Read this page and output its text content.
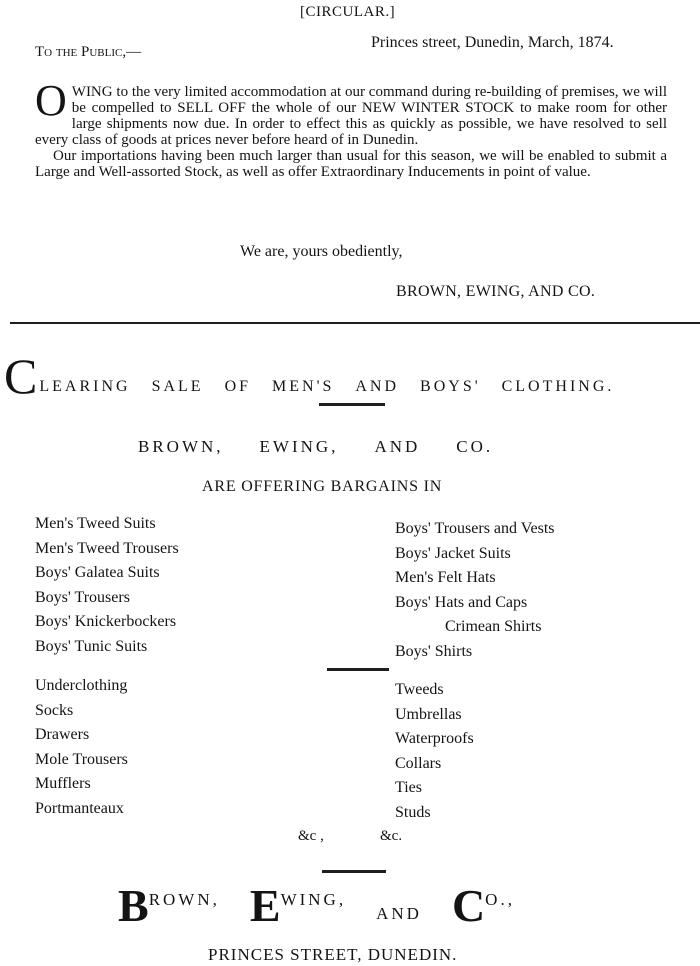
[CIRCULAR.]
Princes street, Dunedin, March, 1874.
To the Public,—

OWING to the very limited accommodation at our command during re-building of premises, we will be compelled to SELL OFF the whole of our NEW WINTER STOCK to make room for other large shipments now due. In order to effect this as quickly as possible, we have resolved to sell every class of goods at prices never before heard of in Dunedin.

Our importations having been much larger than usual for this season, we will be enabled to submit a Large and Well-assorted Stock, as well as offer Extraordinary Inducements in point of value.

We are, yours obediently,
BROWN, EWING, AND CO.
C LEARING SALE OF MEN'S AND BOYS' CLOTHING.
BROWN, EWING, AND CO.
ARE OFFERING BARGAINS IN
Men's Tweed Suits
Men's Tweed Trousers
Boys' Galatea Suits
Boys' Trousers
Boys' Knickerbockers
Boys' Tunic Suits
Boys' Trousers and Vests
Boys' Jacket Suits
Men's Felt Hats
Boys' Hats and Caps
Crimean Shirts
Boys' Shirts
Underclothing
Socks
Drawers
Mole Trousers
Mufflers
Portmanteaux
Tweeds
Umbrellas
Waterproofs
Collars
Ties
Studs
&c ,	&c.
B ROWN, E WING,
AND C O.,
PRINCES STREET, DUNEDIN.
